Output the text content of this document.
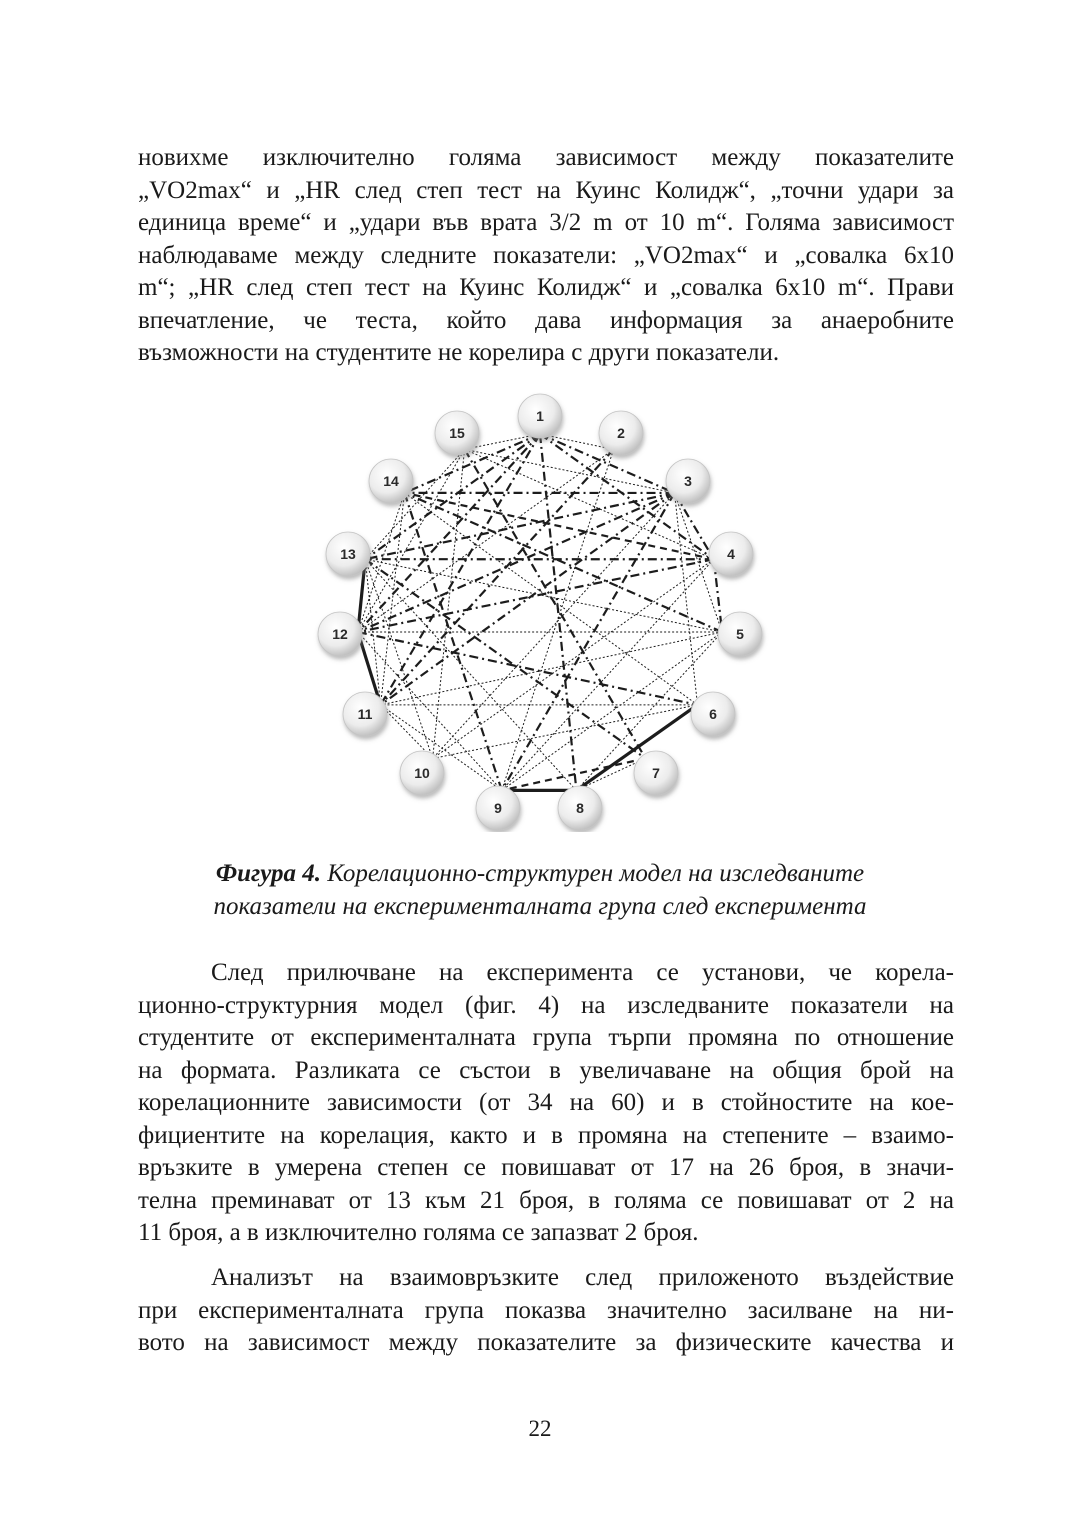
новихме изключително голяма зависимост между показателите
„VO2max“ и „HR след степ тест на Куинс Колидж“, „точни удари за
единица време“ и „удари във врата 3/2 m от 10 m“. Голяма зависимост
наблюдаваме между следните показатели: „VO2max“ и „совалка 6x10
m“; „HR след степ тест на Куинс Колидж“ и „совалка 6x10 m“. Прави
впечатление, че теста, който дава информация за анаеробните
възможности на студентите не корелира с други показатели.

1
2
3
4
5
6
7
8
9
10
11
12
13
14
15
Фигура 4. Корелационно-структурен модел на изследваните
показатели на експерименталната група след експеримента

След прилючване на експеримента се установи, че корела-
ционно-структурния модел (фиг. 4) на изследваните показатели на
студентите от експерименталната група търпи промяна по отношение
на формата. Разликата се състои в увеличаване на общия брой на
корелационните зависимости (от 34 на 60) и в стойностите на кое-
фициентите на корелация, както и в промяна на степените – взаимо-
връзките в умерена степен се повишават от 17 на 26 броя, в значи-
телна преминават от 13 към 21 броя, в голяма се повишават от 2 на
11 броя, а в изключително голяма се запазват 2 броя.

Анализът на взаимовръзките след приложеното въздействие
при експерименталната група показва значително засилване на ни-
вото на зависимост между показателите за физическите качества и

22
